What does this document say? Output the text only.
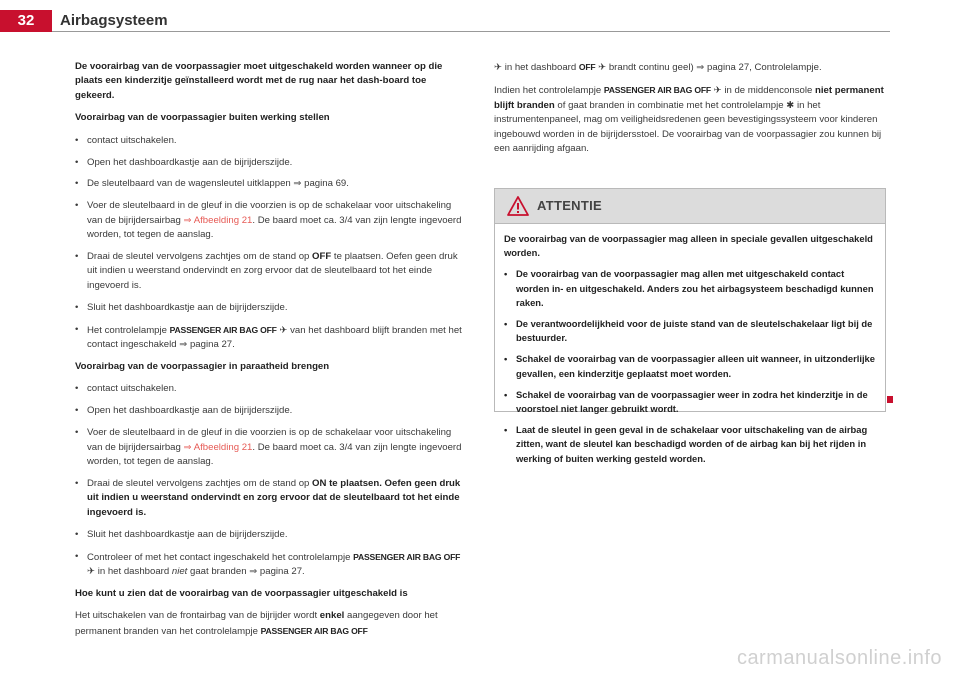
32	Airbagsysteem

De voorairbag van de voorpassagier moet uitgeschakeld worden wanneer op die plaats een kinderzitje geïnstalleerd wordt met de rug naar het dash-board toe gekeerd.

Voorairbag van de voorpassagier buiten werking stellen
• contact uitschakelen.
• Open het dashboardkastje aan de bijrijderszijde.
• De sleutelbaard van de wagensleutel uitklappen ⇒ pagina 69.
• Voer de sleutelbaard in de gleuf in die voorzien is op de schakelaar voor uitschakeling van de bijrijdersairbag ⇒ Afbeelding 21. De baard moet ca. 3/4 van zijn lengte ingevoerd worden, tot tegen de aanslag.
• Draai de sleutel vervolgens zachtjes om de stand op OFF te plaatsen. Oefen geen druk uit indien u weerstand ondervindt en zorg ervoor dat de sleutelbaard tot het einde ingevoerd is.
• Sluit het dashboardkastje aan de bijrijderszijde.
• Het controlelampje PASSENGER AIR BAG OFF ✈ van het dashboard blijft branden met het contact ingeschakeld ⇒ pagina 27.
Voorairbag van de voorpassagier in paraatheid brengen
• contact uitschakelen.
• Open het dashboardkastje aan de bijrijderszijde.
• Voer de sleutelbaard in de gleuf in die voorzien is op de schakelaar voor uitschakeling van de bijrijdersairbag ⇒ Afbeelding 21. De baard moet ca. 3/4 van zijn lengte ingevoerd worden, tot tegen de aanslag.
• Draai de sleutel vervolgens zachtjes om de stand op ON te plaatsen. Oefen geen druk uit indien u weerstand ondervindt en zorg ervoor dat de sleutelbaard tot het einde ingevoerd is.
• Sluit het dashboardkastje aan de bijrijderszijde.
• Controleer of met het contact ingeschakeld het controlelampje PASSENGER AIR BAG OFF ✈ in het dashboard niet gaat branden ⇒ pagina 27.
Hoe kunt u zien dat de voorairbag van de voorpassagier uitgeschakeld is

Het uitschakelen van de frontairbag van de bijrijder wordt enkel aangegeven door het permanent branden van het controlelampje PASSENGER AIR BAG OFF

✈ in het dashboard OFF ✈ brandt continu geel) ⇒ pagina 27, Controlelampje.

Indien het controlelampje PASSENGER AIR BAG OFF ✈ in de middenconsole niet permanent blijft branden of gaat branden in combinatie met het controlelampje ✱ in het instrumentenpaneel, mag om veiligheidsredenen geen bevestigingssysteem voor kinderen ingebouwd worden in de bijrijdersstoel. De voorairbag van de voorpassagier zou kunnen bij een aanrijding afgaan.

ATTENTIE

De voorairbag van de voorpassagier mag alleen in speciale gevallen uitgeschakeld worden.

• De voorairbag van de voorpassagier mag allen met uitgeschakeld contact worden in- en uitgeschakeld. Anders zou het airbagsysteem beschadigd kunnen raken.
• De verantwoordelijkheid voor de juiste stand van de sleutelschakelaar ligt bij de bestuurder.
• Schakel de voorairbag van de voorpassagier alleen uit wanneer, in uitzonderlijke gevallen, een kinderzitje geplaatst moet worden.
• Schakel de voorairbag van de voorpassagier weer in zodra het kinderzitje in de voorstoel niet langer gebruikt wordt.
• Laat de sleutel in geen geval in de schakelaar voor uitschakeling van de airbag zitten, want de sleutel kan beschadigd worden of de airbag kan bij het rijden in werking of buiten werking gesteld worden.
carmanualsonline.info
